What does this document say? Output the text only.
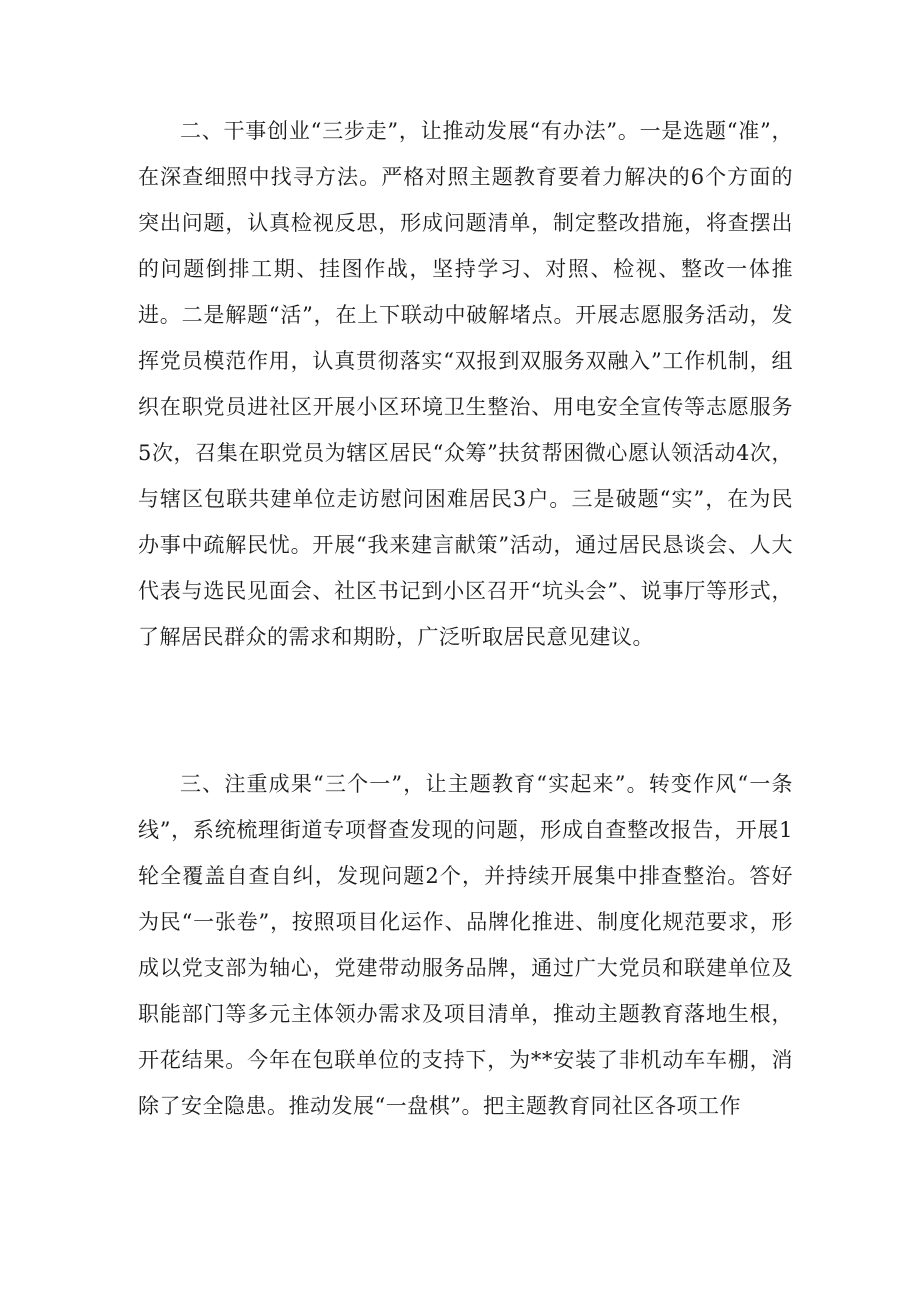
二、干事创业“三步走”，让推动发展“有办法”。一是选题“准”，在深查细照中找寻方法。严格对照主题教育要着力解决的6个方面的突出问题，认真检视反思，形成问题清单，制定整改措施，将查摆出的问题倒排工期、挂图作战，坚持学习、对照、检视、整改一体推进。二是解题“活”，在上下联动中破解堵点。开展志愿服务活动，发挥党员模范作用，认真贯彻落实“双报到双服务双融入”工作机制，组织在职党员进社区开展小区环境卫生整治、用电安全宣传等志愿服务5次，召集在职党员为辖区居民“众筹”扶贫帮困微心愿认领活动4次，与辖区包联共建单位走访慰问困难居民3户。三是破题“实”，在为民办事中疏解民忧。开展“我来建言献策”活动，通过居民恳谈会、人大代表与选民见面会、社区书记到小区召开“坑头会”、说事厅等形式，了解居民群众的需求和期盼，广泛听取居民意见建议。

三、注重成果“三个一”，让主题教育“实起来”。转变作风“一条线”，系统梳理街道专项督查发现的问题，形成自查整改报告，开展1轮全覆盖自查自纠，发现问题2个，并持续开展集中排查整治。答好为民“一张卷”，按照项目化运作、品牌化推进、制度化规范要求，形成以党支部为轴心，党建带动服务品牌，通过广大党员和联建单位及职能部门等多元主体领办需求及项目清单，推动主题教育落地生根，开花结果。今年在包联单位的支持下，为**安装了非机动车车棚，消除了安全隐患。推动发展“一盘棋”。把主题教育同社区各项工作
